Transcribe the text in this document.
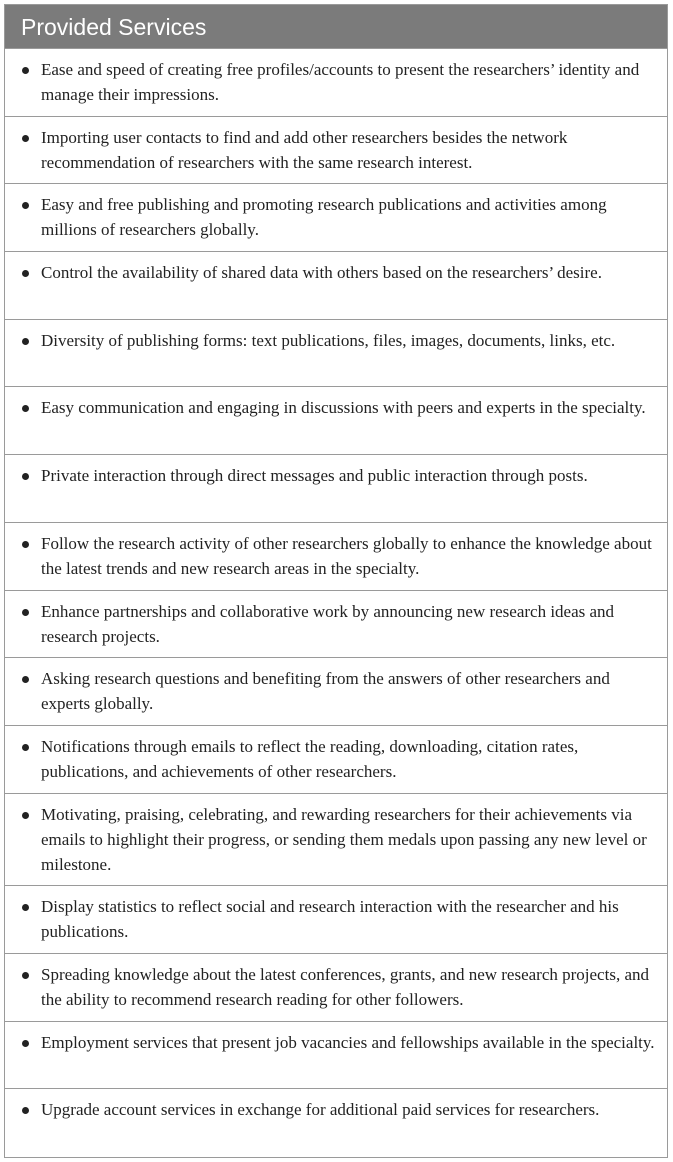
Provided Services
Ease and speed of creating free profiles/accounts to present the researchers’ identity and manage their impressions.
Importing user contacts to find and add other researchers besides the network recommendation of researchers with the same research interest.
Easy and free publishing and promoting research publications and activities among millions of researchers globally.
Control the availability of shared data with others based on the researchers’ desire.
Diversity of publishing forms: text publications, files, images, documents, links, etc.
Easy communication and engaging in discussions with peers and experts in the specialty.
Private interaction through direct messages and public interaction through posts.
Follow the research activity of other researchers globally to enhance the knowledge about the latest trends and new research areas in the specialty.
Enhance partnerships and collaborative work by announcing new research ideas and research projects.
Asking research questions and benefiting from the answers of other researchers and experts globally.
Notifications through emails to reflect the reading, downloading, citation rates, publications, and achievements of other researchers.
Motivating, praising, celebrating, and rewarding researchers for their achievements via emails to highlight their progress, or sending them medals upon passing any new level or milestone.
Display statistics to reflect social and research interaction with the researcher and his publications.
Spreading knowledge about the latest conferences, grants, and new research projects, and the ability to recommend research reading for other followers.
Employment services that present job vacancies and fellowships available in the specialty.
Upgrade account services in exchange for additional paid services for researchers.
